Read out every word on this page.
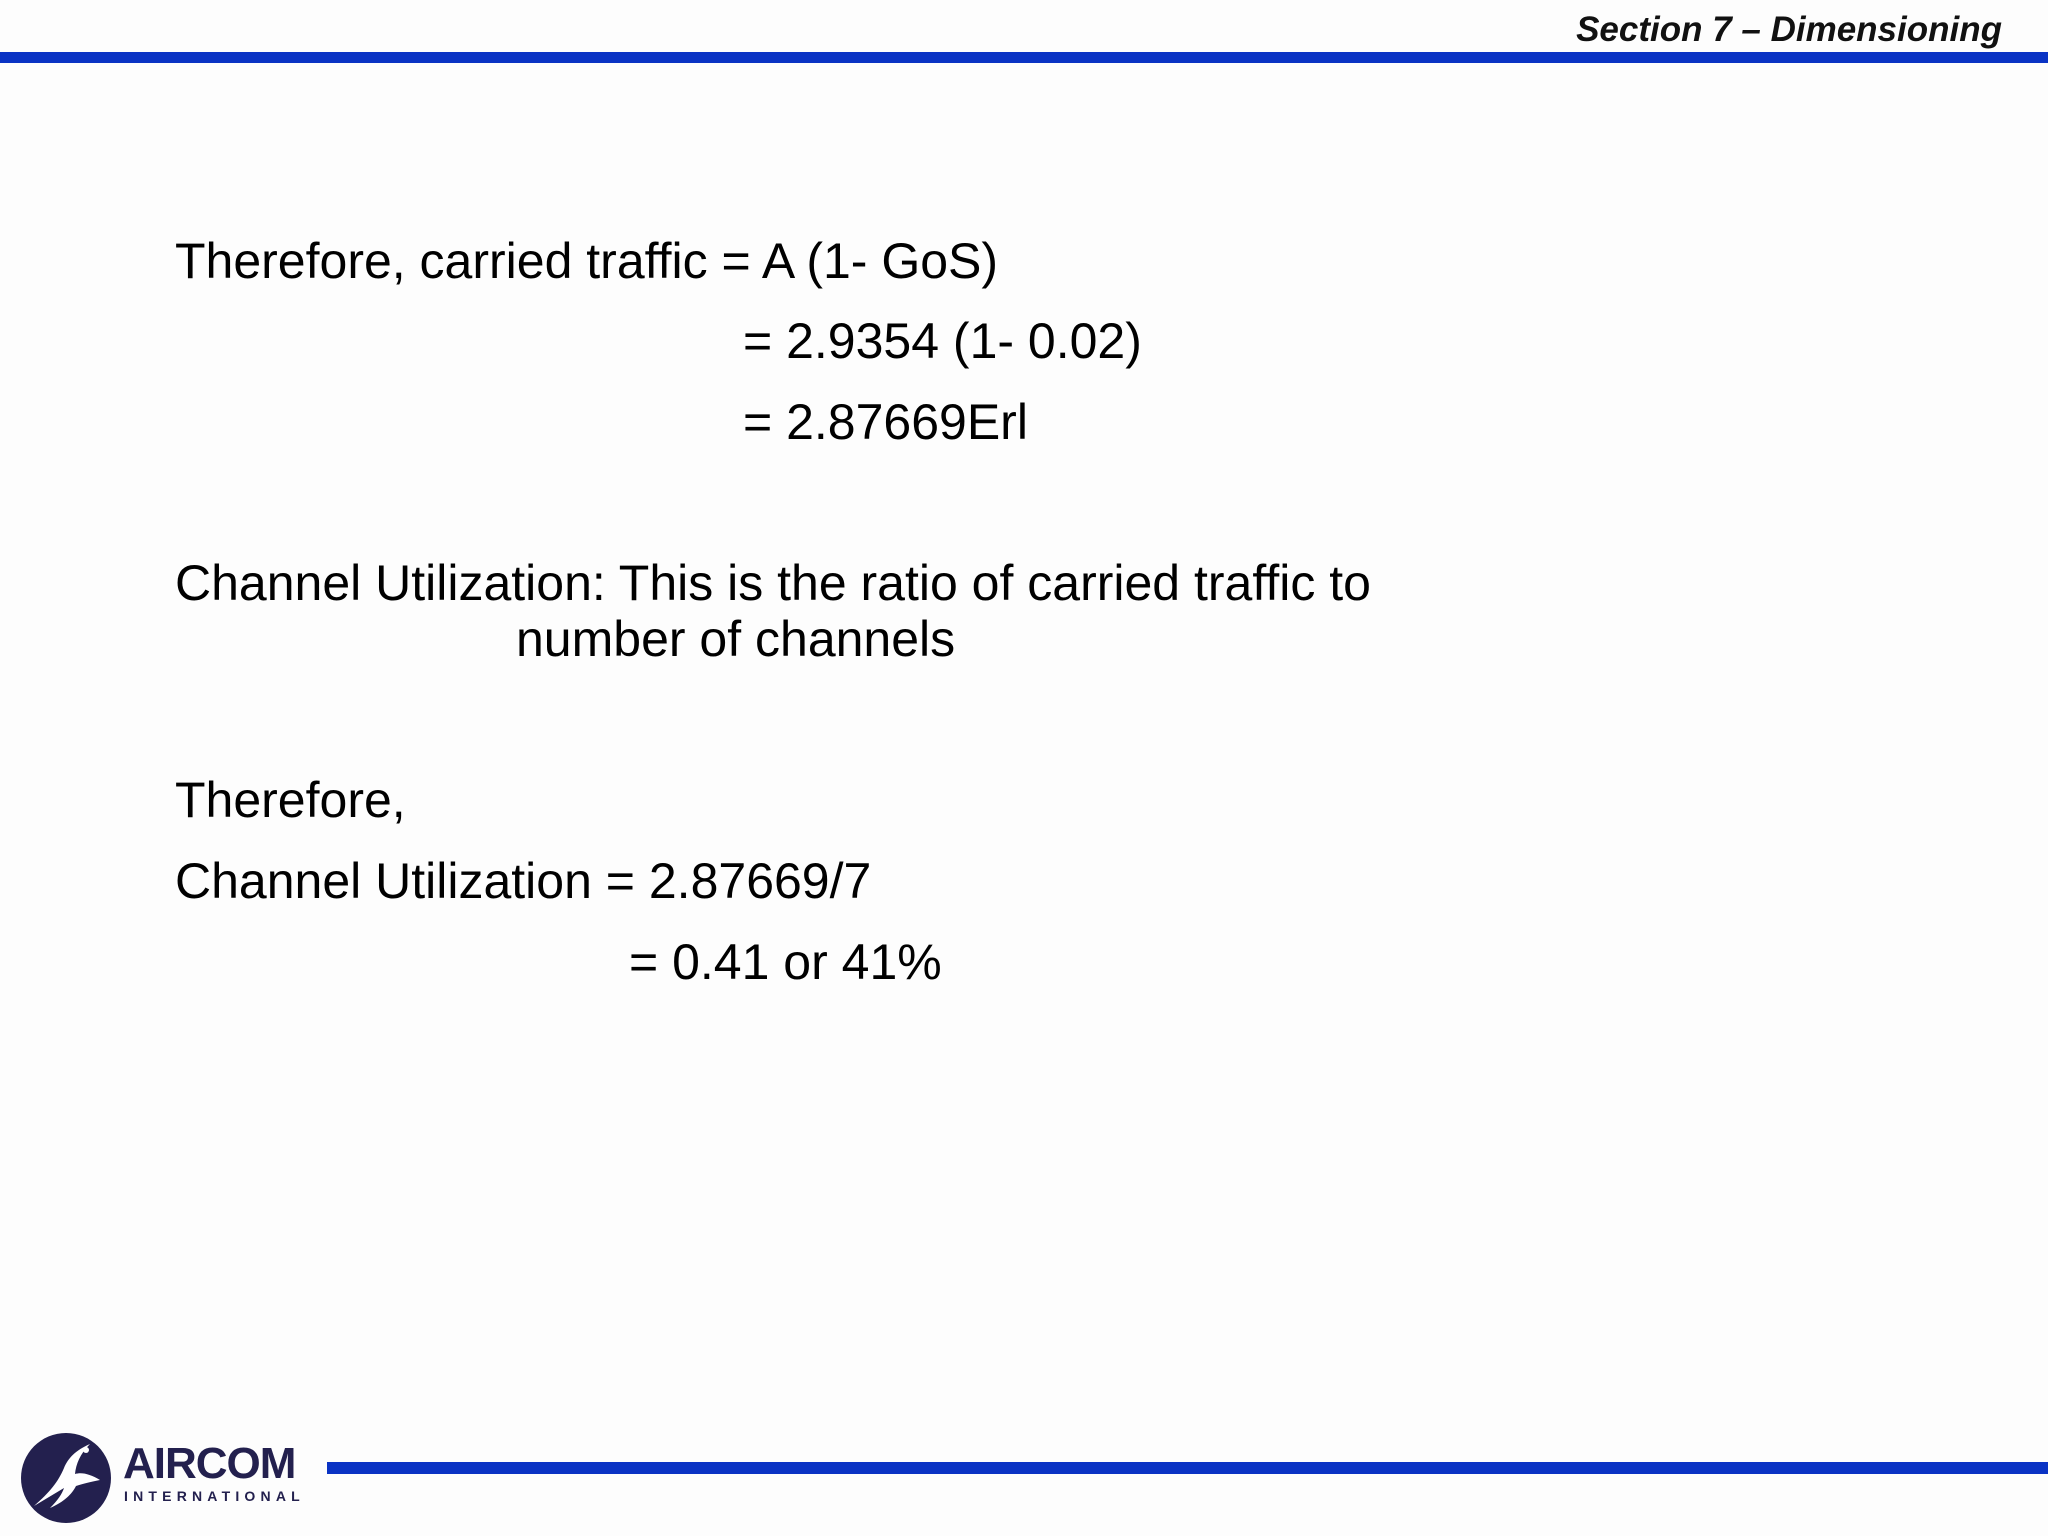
Section 7 – Dimensioning
Therefore, carried traffic = A (1- GoS)
= 2.9354 (1- 0.02)
= 2.87669Erl
Channel Utilization: This is the ratio of carried traffic to
number of channels
Therefore,
Channel Utilization = 2.87669/7
= 0.41 or 41%
AIRCOM
INTERNATIONAL
